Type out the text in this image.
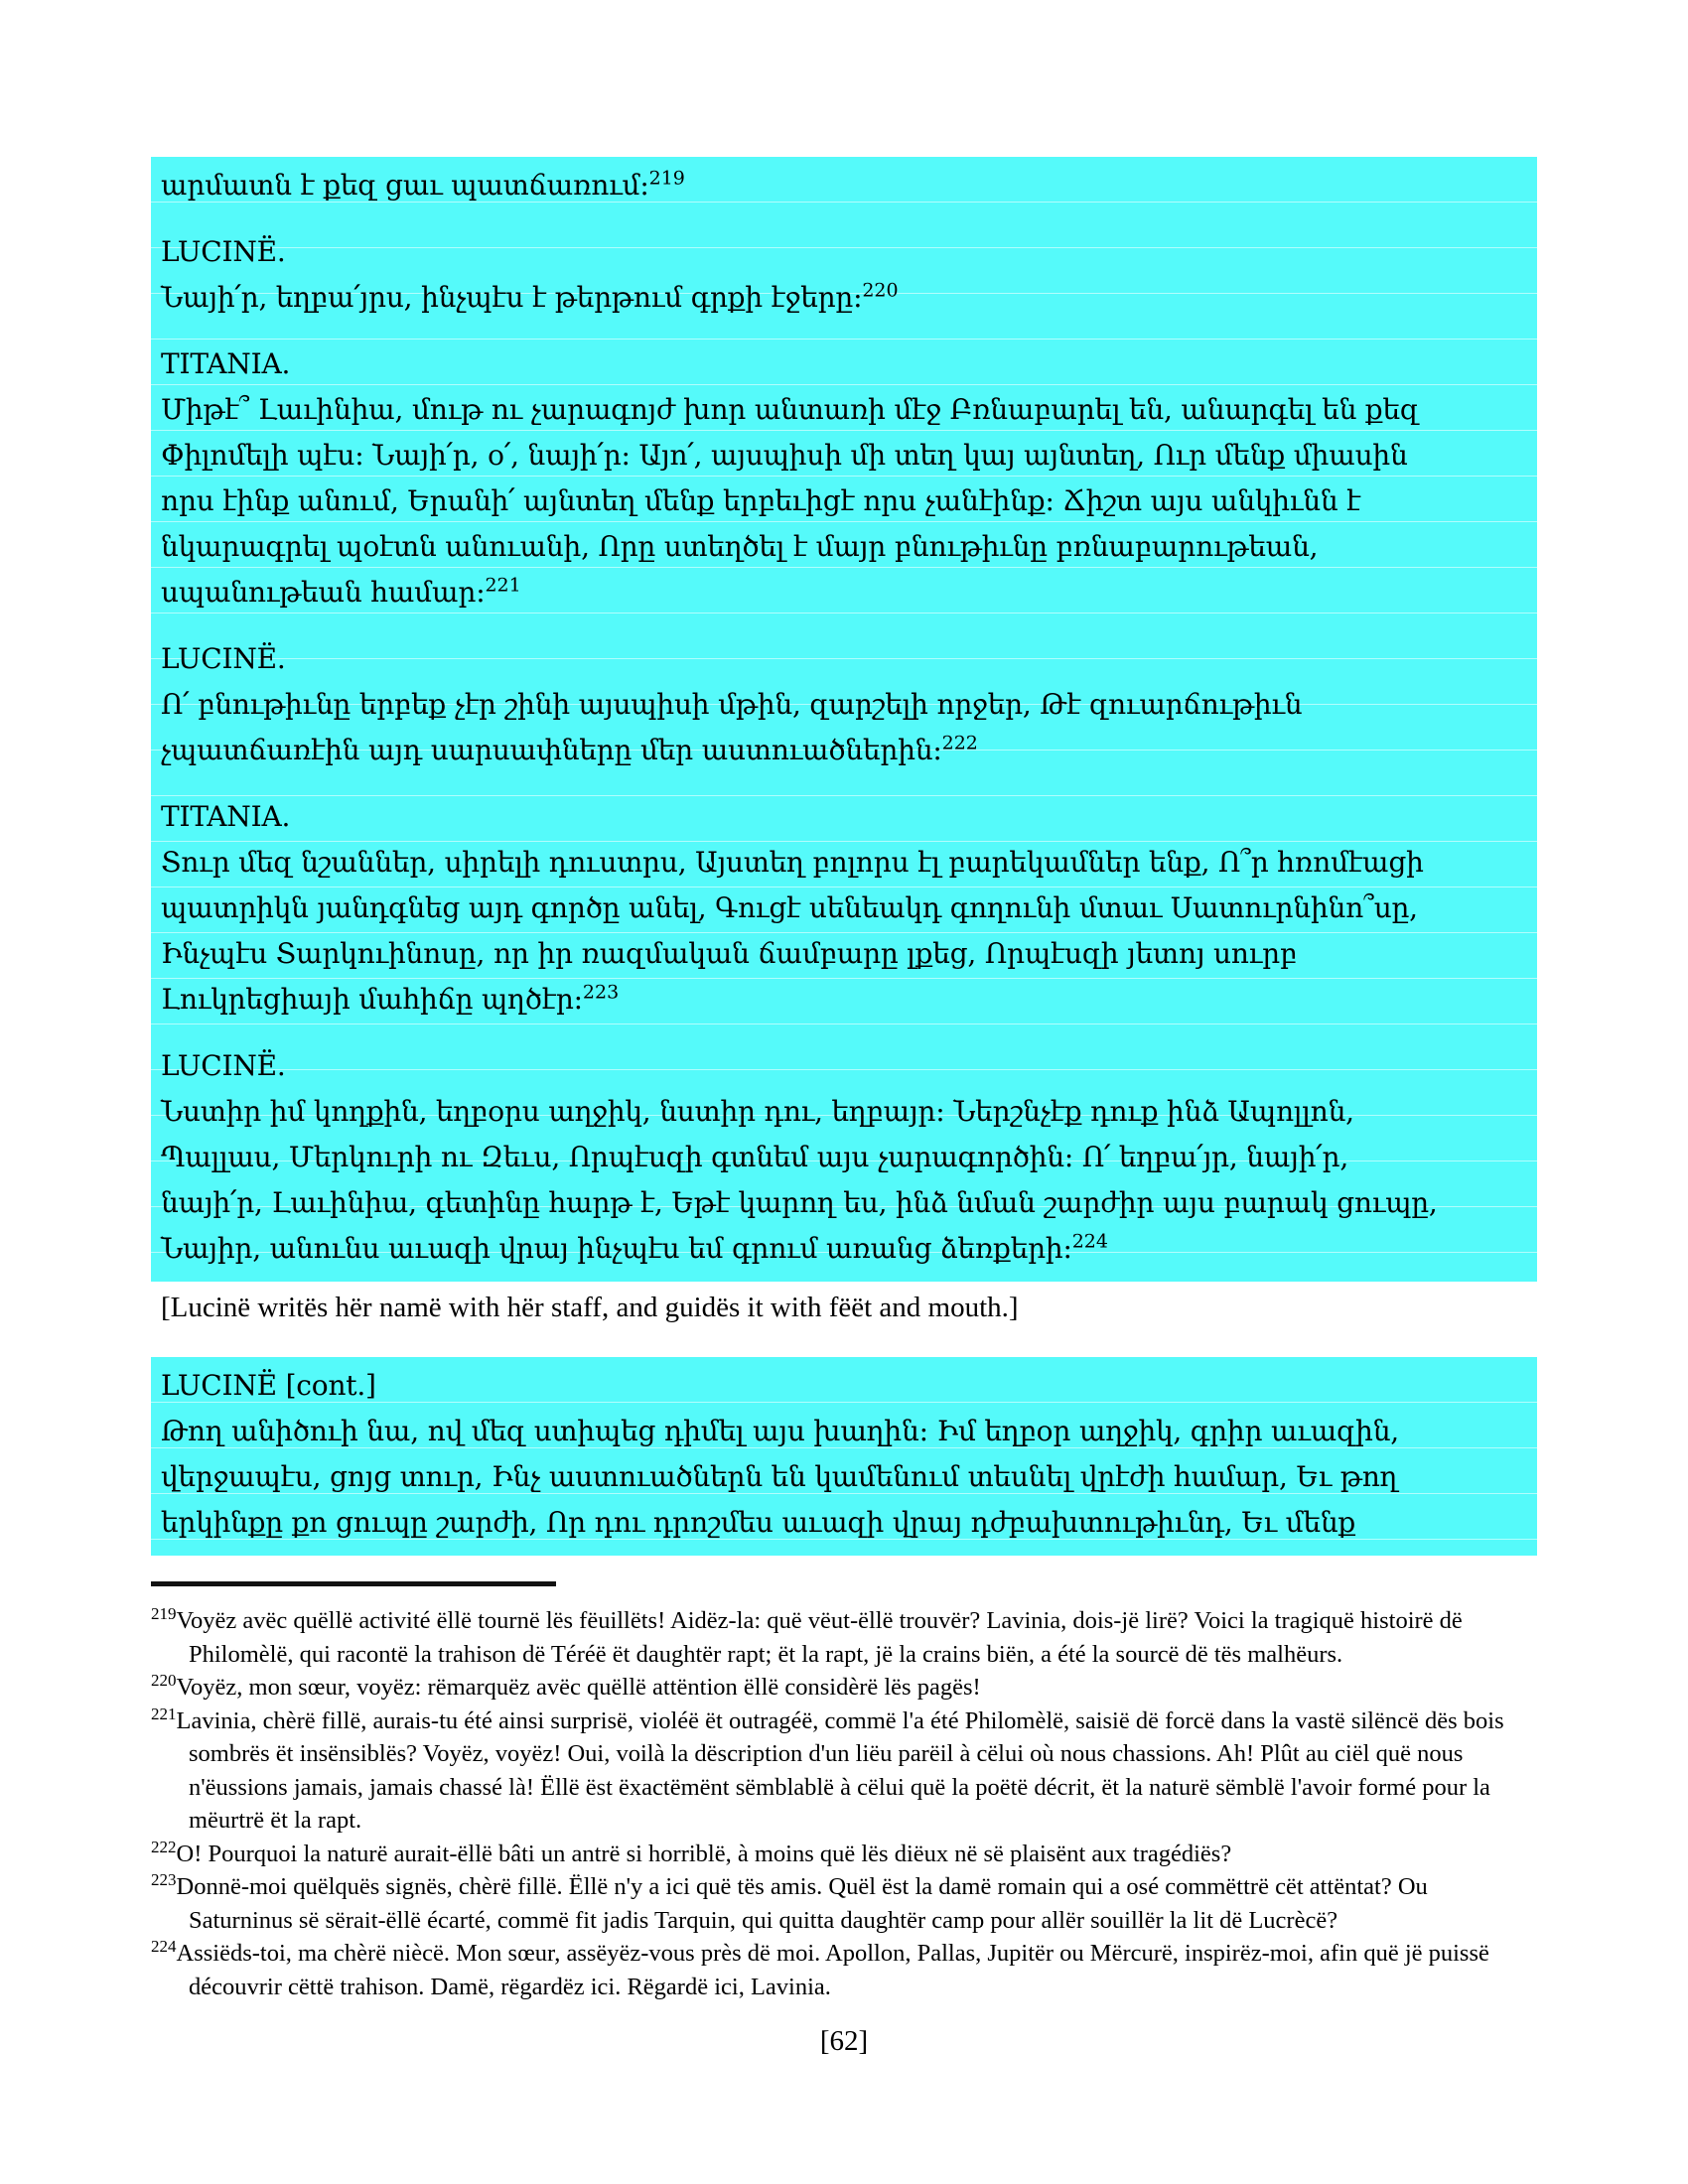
արմատն է քեզ ցաւ պատճառում:$^{219}$
LUCINË.
Նայի՛ր, եղբա՛յրս, ինչպէս է թերթում գրքի էջերը:$^{220}$
TITANIA.
Միթէ՞ Լաւինիա, մութ ու չարագոյժ խոր անտառի մէջ Բռնաբարել են, անարգել են քեզ
Փիլոմելի պէս: Նայի՛ր, օ՛, նայի՛ր: Այո՛, այսպիսի մի տեղ կայ այնտեղ, Ուր մենք միասին
որս էինք անում, Երանի՛ այնտեղ մենք երբեւիցէ որս չանէինք: Ճիշտ այս անկիւնն է
նկարագրել պօէտն անուանի, Որը ստեղծել է մայր բնութիւնը բռնաբարութեան,
սպանութեան համար:$^{221}$
LUCINË.
Ո՛ բնութիւնը երբեք չէր շինի այսպիսի մթին, զարշելի որջեր, Թէ զուարճութիւն
չպատճառէին այդ սարսափները մեր աստուածներին:$^{222}$
TITANIA.
Տուր մեզ նշաններ, սիրելի դուստրս, Այստեղ բոլորս էլ բարեկամներ ենք, Ո՞ր հռոմէացի
պատրիկն յանդգնեց այդ գործը անել, Գուցէ սենեակդ գողունի մտաւ Սատուրնինո՞սը,
Ինչպէս Տարկուինոսը, որ իր ռազմական ճամբարը լքեց, Որպէսզի յետոյ սուրբ
Լուկրեցիայի մահիճը պղծէր:$^{223}$
LUCINË.
Նստիր իմ կողքին, եղբօրս աղջիկ, նստիր դու, եղբայր: Ներշնչէք դուք ինձ Ապոլլոն,
Պալլաս, Մերկուրի ու Զեւս, Որպէսզի գտնեմ այս չարագործին: Ո՛ եղբա՛յր, նայի՛ր,
նայի՛ր, Լաւինիա, գետինը հարթ է, Եթէ կարող ես, ինձ նման շարժիր այս բարակ ցուպը,
Նայիր, անունս աւազի վրայ ինչպէս եմ գրում առանց ձեռքերի:$^{224}$
[Lucinë writës hër namë with hër staff, and guidës it with fëët and mouth.]
LUCINË [cont.]
Թող անիծուի նա, ով մեզ ստիպեց դիմել այս խաղին: Իմ եղբօր աղջիկ, գրիր աւազին,
վերջապէս, ցոյց տուր, Ինչ աստուածներն են կամենում տեսնել վրէժի համար, Եւ թող
երկինքը քո ցուպը շարժի, Որ դու դրոշմես աւազի վրայ դժբախտութիւնդ, Եւ մենք
$^{219}$Voyëz avëc quëllë activité ëllë tournë lës fëuillëts! Aidëz-la: quë vëut-ëllë trouvër? Lavinia, dois-jë lirë? Voici la tragiquë histoirë dë Philomèlë, qui racontë la trahison dë Téréë ët daughtër rapt; ët la rapt, jë la crains biën, a été la sourcë dë tës malhëurs.
$^{220}$Voyëz, mon sœur, voyëz: rëmarquëz avëc quëllë attëntion ëllë considèrë lës pagës!
$^{221}$Lavinia, chèrë fillë, aurais-tu été ainsi surprisë, violéë ët outragéë, commë l'a été Philomèlë, saisië dë forcë dans la vastë silëncë dës bois sombrës ët insënsiblës? Voyëz, voyëz! Oui, voilà la dëscription d'un liëu parëil à cëlui où nous chassions. Ah! Plût au ciël quë nous n'ëussions jamais, jamais chassé là! Ëllë ëst ëxactëmënt sëmblablë à cëlui quë la poëtë décrit, ët la naturë sëmblë l'avoir formé pour la mëurtrë ët la rapt.
$^{222}$O! Pourquoi la naturë aurait-ëllë bâti un antrë si horriblë, à moins quë lës diëux në së plaisënt aux tragédiës?
$^{223}$Donnë-moi quëlquës signës, chèrë fillë. Ëllë n'y a ici quë tës amis. Quël ëst la damë romain qui a osé commëttrë cët attëntat? Ou Saturninus së sërait-ëllë écarté, commë fit jadis Tarquin, qui quitta daughtër camp pour allër souillër la lit dë Lucrècë?
$^{224}$Assiëds-toi, ma chèrë niècë. Mon sœur, assëyëz-vous près dë moi. Apollon, Pallas, Jupitër ou Mërcurë, inspirëz-moi, afin quë jë puissë découvrir cëttë trahison. Damë, rëgardëz ici. Rëgardë ici, Lavinia.
[62]
